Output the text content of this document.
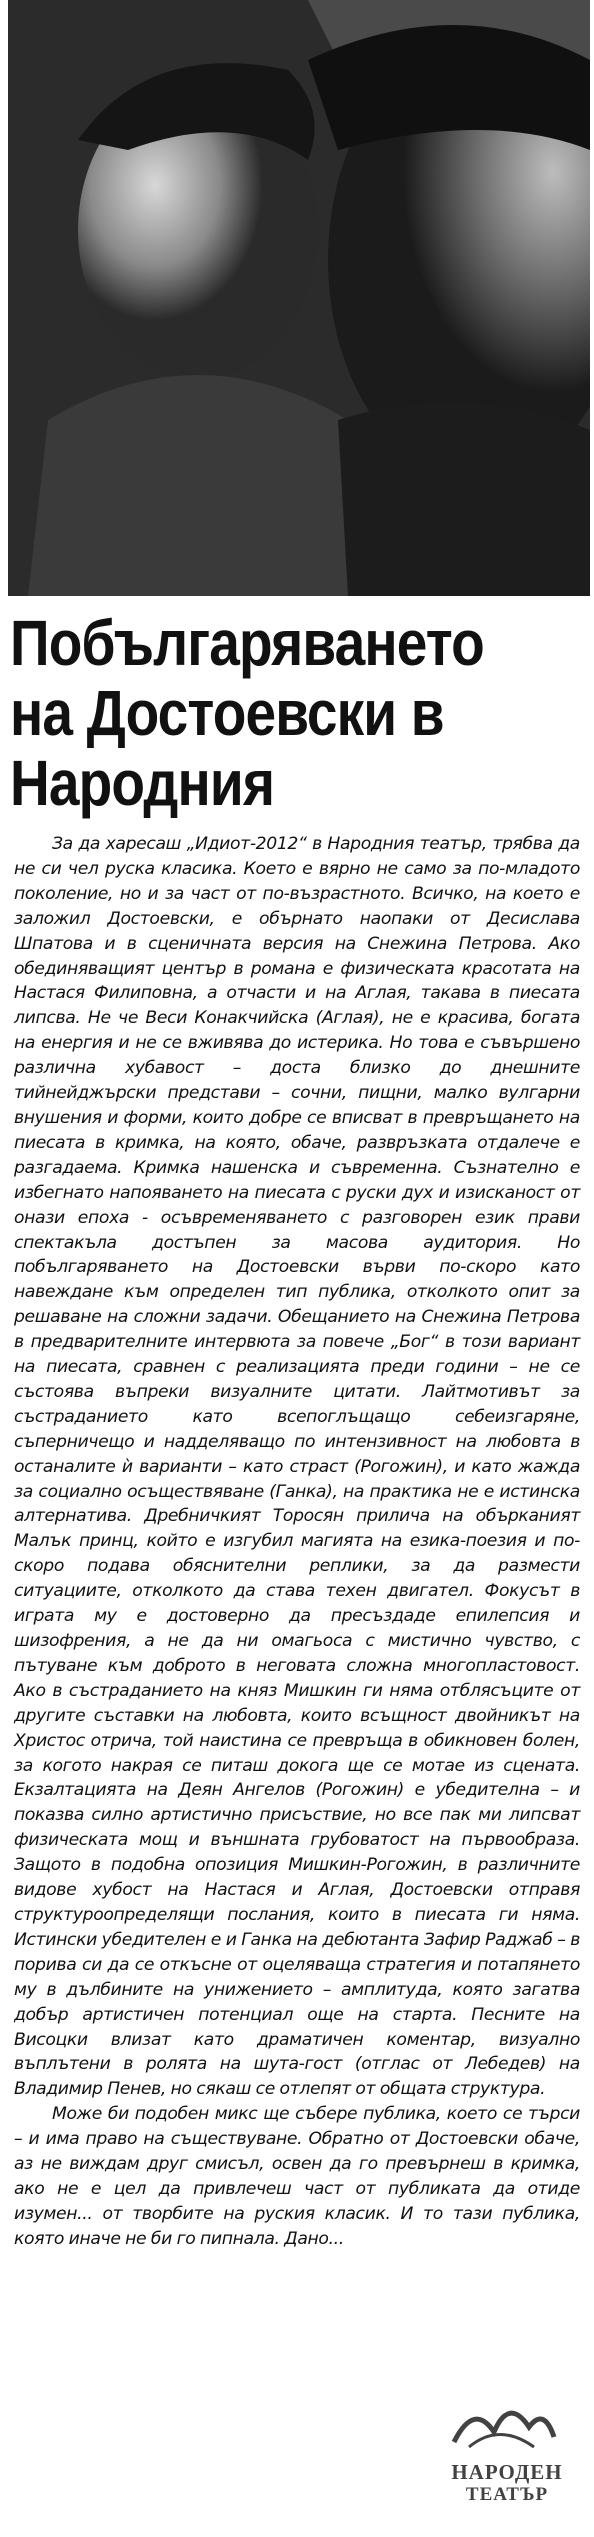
Побългаряването
на Достоевски в
Народния

За да харесаш „Идиот-2012“ в Народния театър, трябва да не си чел руска класика. Което е вярно не само за по-младото поколение, но и за част от по-възрастното. Всичко, на което е заложил Достоевски, е обърнато наопаки от Десислава Шпатова и в сценичната версия на Снежина Петрова. Ако обединяващият център в романа е физическата красотата на Настася Филиповна, а отчасти и на Аглая, такава в пиесата липсва. Не че Веси Конакчийска (Аглая), не е красива, богата на енергия и не се вживява до истерика. Но това е съвършено различна хубавост – доста близко до днешните тийнейджърски представи – сочни, пищни, малко вулгарни внушения и форми, които добре се вписват в превръщането на пиесата в кримка, на която, обаче, развръзката отдалече е разгадаема. Кримка нашенска и съвременна. Съзнателно е избегнато напояването на пиесата с руски дух и изисканост от онази епоха - осъвременяването с разговорен език прави спектакъла достъпен за масова аудитория. Но побългаряването на Достоевски върви по-скоро като навеждане към определен тип публика, отколкото опит за решаване на сложни задачи. Обещанието на Снежина Петрова в предварителните интервюта за повече „Бог“ в този вариант на пиесата, сравнен с реализацията преди години – не се състоява въпреки визуалните цитати. Лайтмотивът за състраданието като всепоглъщащо себеизгаряне, съперничещо и надделяващо по интензивност на любовта в останалите ѝ варианти – като страст (Рогожин), и като жажда за социално осъществяване (Ганка), на практика не е истинска алтернатива. Дребничкият Торосян прилича на обърканият Малък принц, който е изгубил магията на езика-поезия и по-скоро подава обяснителни реплики, за да размести ситуациите, отколкото да става техен двигател. Фокусът в играта му е достоверно да пресъздаде епилепсия и шизофрения, а не да ни омагьоса с мистично чувство, с пътуване към доброто в неговата сложна многопластовост. Ако в състраданието на княз Мишкин ги няма отблясъците от другите съставки на любовта, които всъщност двойникът на Христос отрича, той наистина се превръща в обикновен болен, за когото накрая се питаш докога ще се мотае из сцената. Екзалтацията на Деян Ангелов (Рогожин) е убедителна – и показва силно артистично присъствие, но все пак ми липсват физическата мощ и външната грубоватост на първообраза. Защото в подобна опозиция Мишкин-Рогожин, в различните видове хубост на Настася и Аглая, Достоевски отправя структуроопределящи послания, които в пиесата ги няма. Истински убедителен е и Ганка на дебютанта Зафир Раджаб – в порива си да се откъсне от оцеляваща стратегия и потапянето му в дълбините на унижението – амплитуда, която загатва добър артистичен потенциал още на старта. Песните на Висоцки влизат като драматичен коментар, визуално въплътени в ролята на шута-гост (отглас от Лебедев) на Владимир Пенев, но сякаш се отлепят от общата структура.

Може би подобен микс ще събере публика, което се търси – и има право на съществуване. Обратно от Достоевски обаче, аз не виждам друг смисъл, освен да го превърнеш в кримка, ако не е цел да привлечеш част от публиката да отиде изумен... от творбите на руския класик. И то тази публика, която иначе не би го пипнала. Дано...

НАРОДЕН
ТЕАТЪР
